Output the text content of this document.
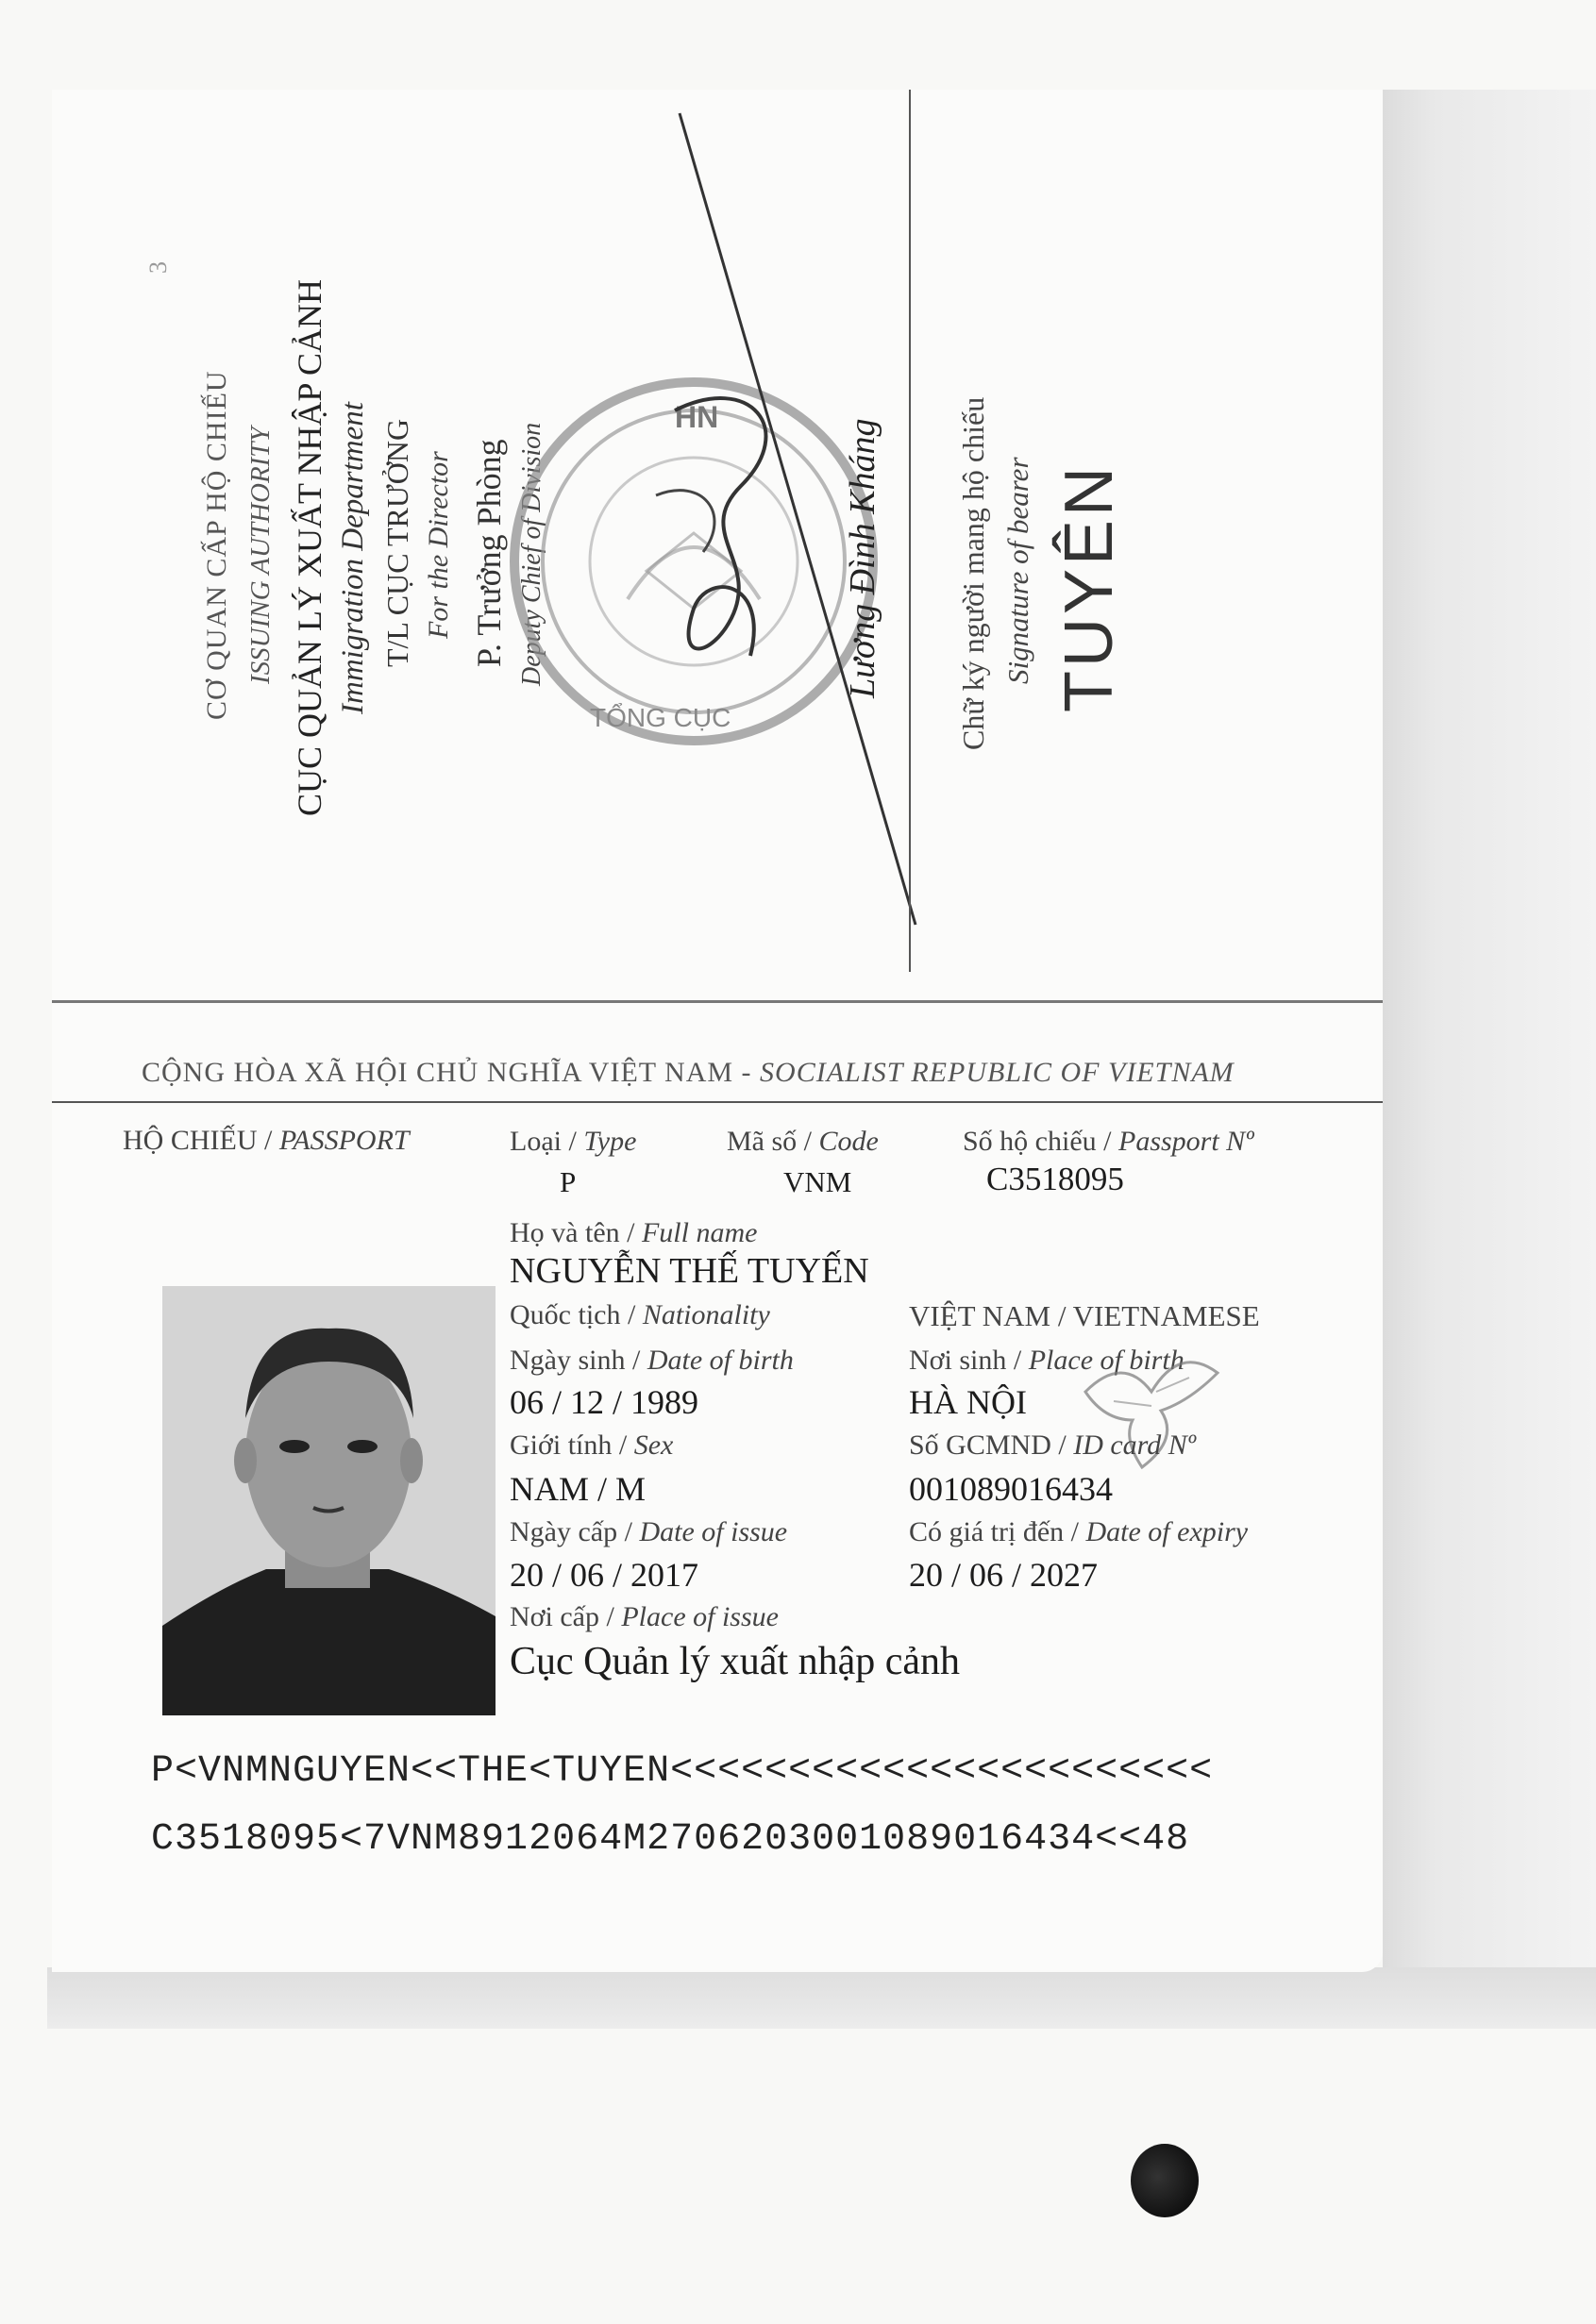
3
CƠ QUAN CẤP HỘ CHIẾU ISSUING AUTHORITY CỤC QUẢN LÝ XUẤT NHẬP CẢNH Immigration Department T/L CỤC TRƯỞNG For the Director P. Trưởng Phòng Deputy Chief of Division
HN
TỔNG CỤC
Lương Đình Kháng Chữ ký người mang hộ chiếu Signature of bearer TUYÊN
CỘNG HÒA XÃ HỘI CHỦ NGHĨA VIỆT NAM - SOCIALIST REPUBLIC OF VIETNAM
HỘ CHIẾU / PASSPORT	Loại / Type
P
Mã số / Code
VNM
Số hộ chiếu / Passport Nº
C3518095
Họ và tên / Full name
NGUYỄN THẾ TUYẾN
Quốc tịch / Nationality	VIỆT NAM / VIETNAMESE
Ngày sinh / Date of birth
06 / 12 / 1989
Nơi sinh / Place of birth
HÀ NỘI
Giới tính / Sex
NAM / M
Số GCMND / ID card Nº
001089016434
Ngày cấp / Date of issue
20 / 06 / 2017
Có giá trị đến / Date of expiry
20 / 06 / 2027
Nơi cấp / Place of issue
Cục Quản lý xuất nhập cảnh
P<VNMNGUYEN<<THE<TUYEN<<<<<<<<<<<<<<<<<<<<<<<
C3518095<7VNM8912064M2706203001089016434<<48
